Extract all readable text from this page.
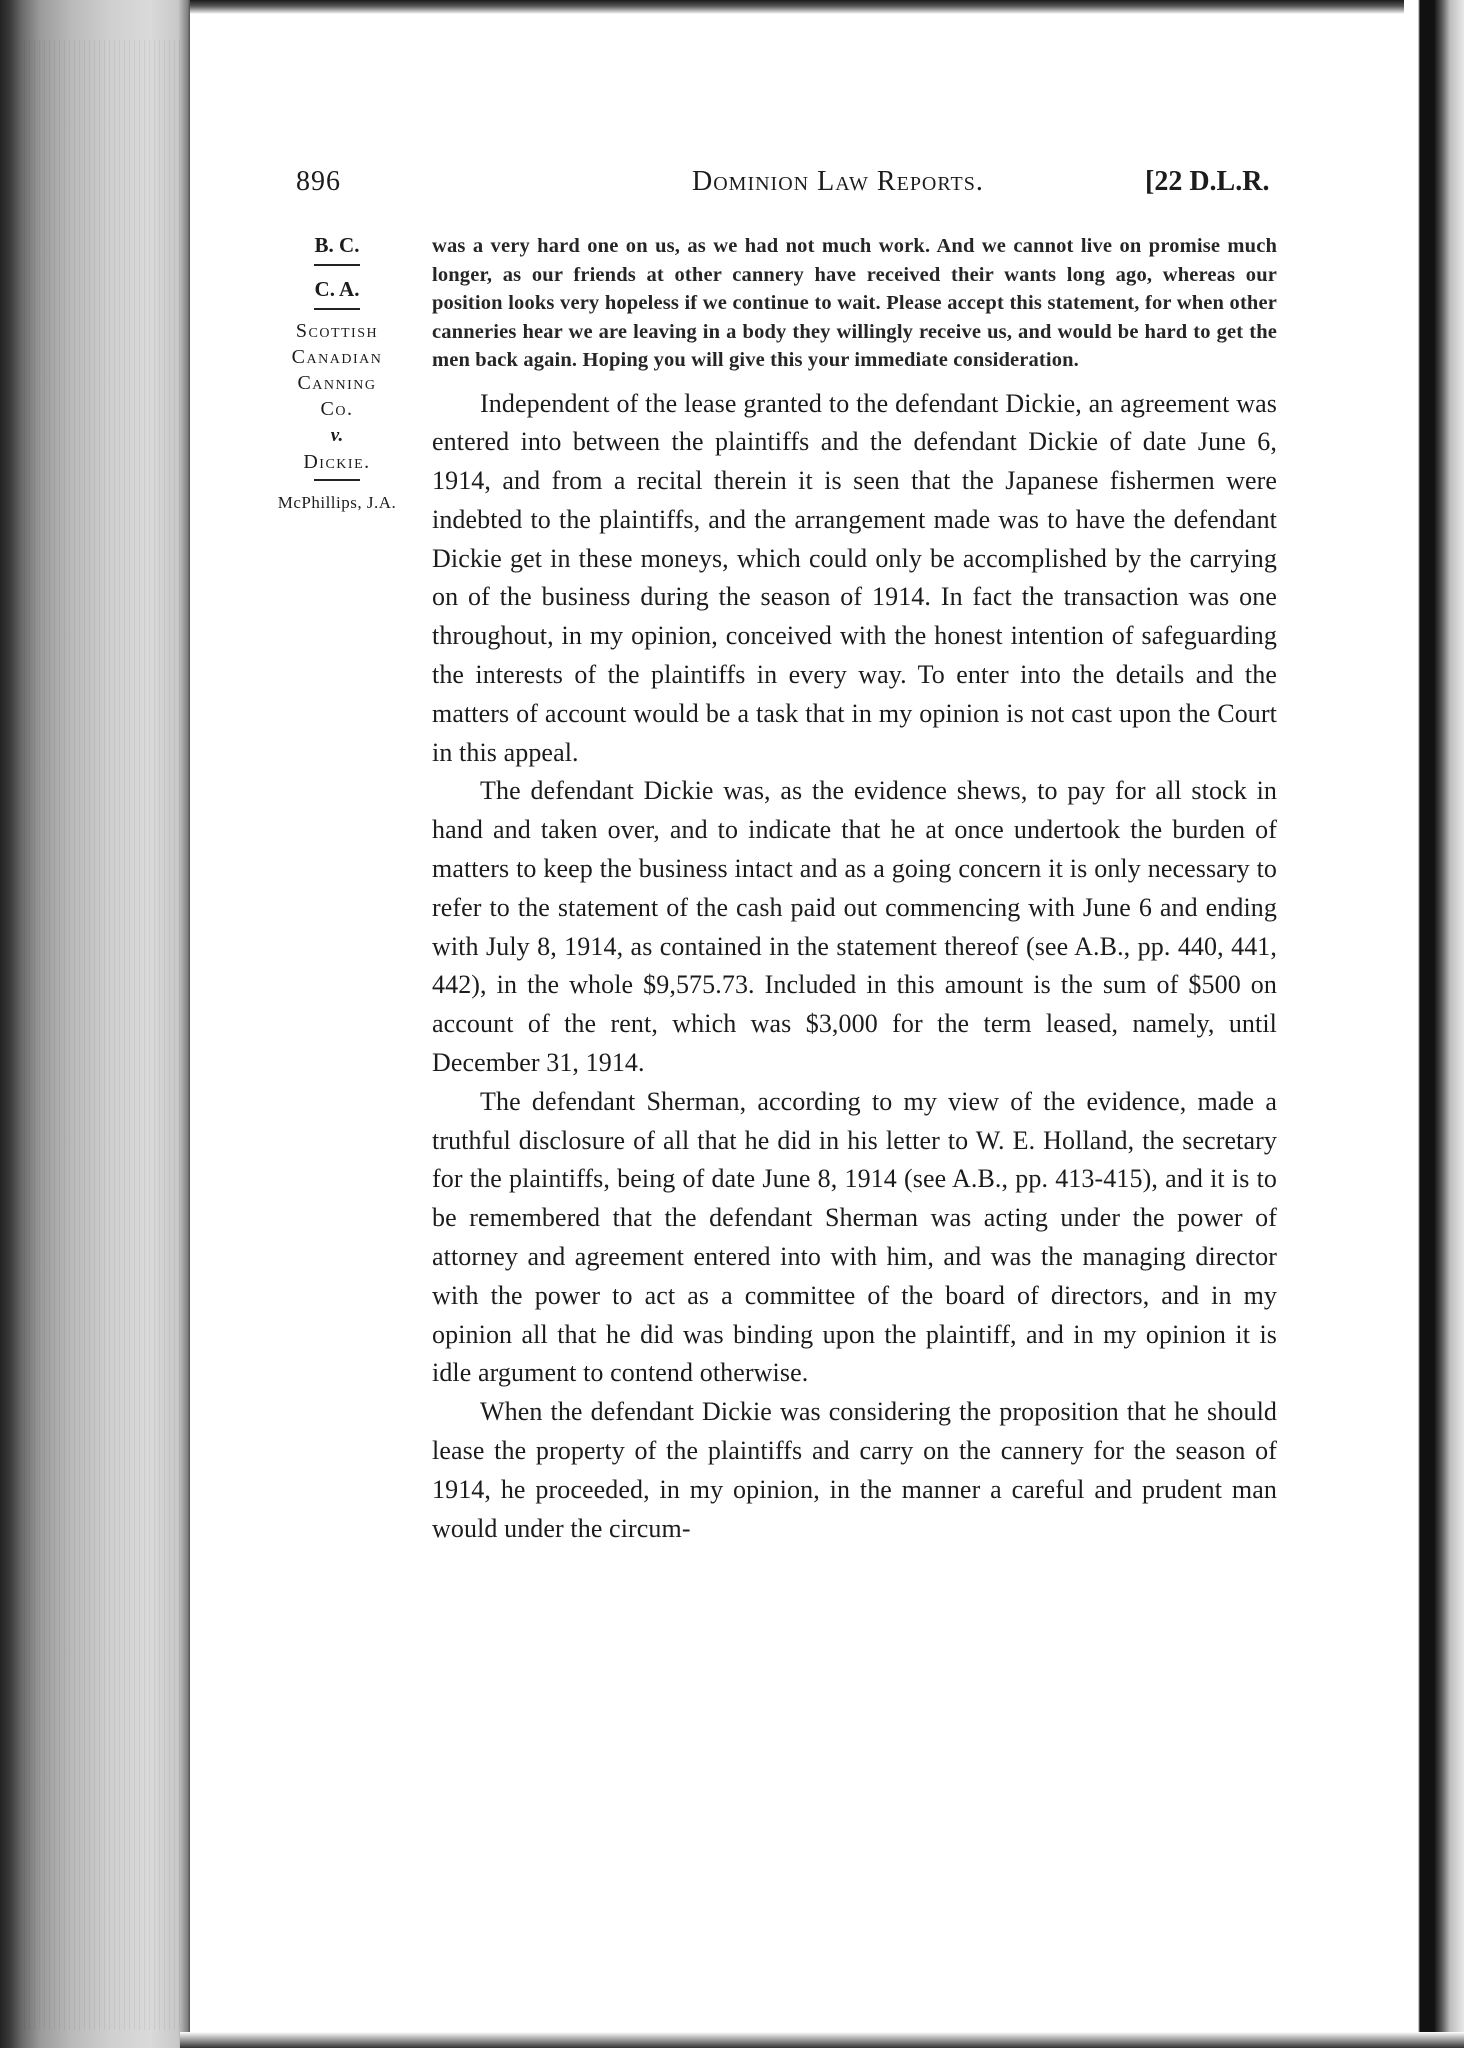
896	Dominion Law Reports.	[22 D.L.R.
B. C.
C. A.
Scottish
Canadian
Canning
Co.
v.
Dickie.
McPhillips, J.A.

was a very hard one on us, as we had not much work. And we cannot live on promise much longer, as our friends at other cannery have received their wants long ago, whereas our position looks very hopeless if we continue to wait. Please accept this statement, for when other canneries hear we are leaving in a body they willingly receive us, and would be hard to get the men back again. Hoping you will give this your immediate consideration.

Independent of the lease granted to the defendant Dickie, an agreement was entered into between the plaintiffs and the defendant Dickie of date June 6, 1914, and from a recital therein it is seen that the Japanese fishermen were indebted to the plaintiffs, and the arrangement made was to have the defendant Dickie get in these moneys, which could only be accomplished by the carrying on of the business during the season of 1914. In fact the transaction was one throughout, in my opinion, conceived with the honest intention of safeguarding the interests of the plaintiffs in every way. To enter into the details and the matters of account would be a task that in my opinion is not cast upon the Court in this appeal.

The defendant Dickie was, as the evidence shews, to pay for all stock in hand and taken over, and to indicate that he at once undertook the burden of matters to keep the business intact and as a going concern it is only necessary to refer to the statement of the cash paid out commencing with June 6 and ending with July 8, 1914, as contained in the statement thereof (see A.B., pp. 440, 441, 442), in the whole $9,575.73. Included in this amount is the sum of $500 on account of the rent, which was $3,000 for the term leased, namely, until December 31, 1914.

The defendant Sherman, according to my view of the evidence, made a truthful disclosure of all that he did in his letter to W. E. Holland, the secretary for the plaintiffs, being of date June 8, 1914 (see A.B., pp. 413-415), and it is to be remembered that the defendant Sherman was acting under the power of attorney and agreement entered into with him, and was the managing director with the power to act as a committee of the board of directors, and in my opinion all that he did was binding upon the plaintiff, and in my opinion it is idle argument to contend otherwise.

When the defendant Dickie was considering the proposition that he should lease the property of the plaintiffs and carry on the cannery for the season of 1914, he proceeded, in my opinion, in the manner a careful and prudent man would under the circum-
